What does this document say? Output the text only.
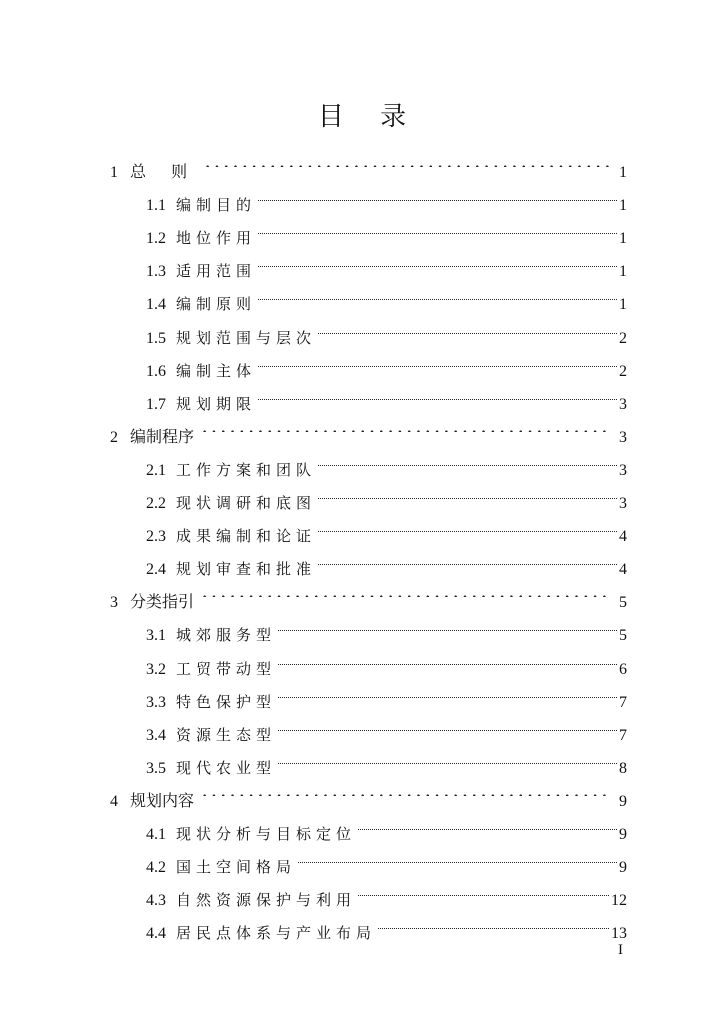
目 录
1 总 则	1
1.1 编制目的	1
1.2 地位作用	1
1.3 适用范围	1
1.4 编制原则	1
1.5 规划范围与层次	2
1.6 编制主体	2
1.7 规划期限	3
2 编制程序	3
2.1 工作方案和团队	3
2.2 现状调研和底图	3
2.3 成果编制和论证	4
2.4 规划审查和批准	4
3 分类指引	5
3.1 城郊服务型	5
3.2 工贸带动型	6
3.3 特色保护型	7
3.4 资源生态型	7
3.5 现代农业型	8
4 规划内容	9
4.1 现状分析与目标定位	9
4.2 国土空间格局	9
4.3 自然资源保护与利用	12
4.4 居民点体系与产业布局	13
I
